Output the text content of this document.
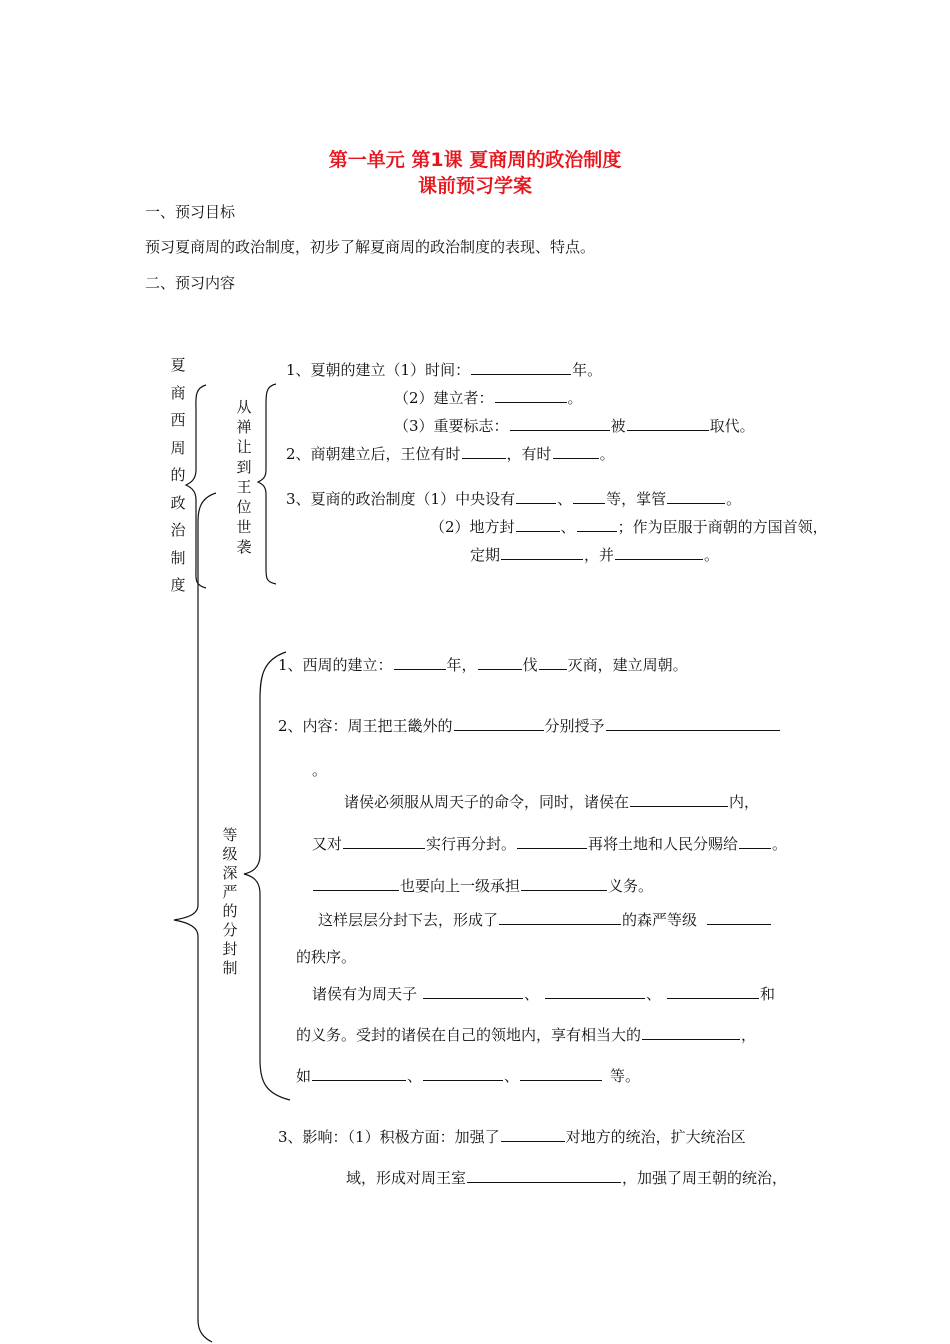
第一单元 第1课 夏商周的政治制度
课前预习学案
一、预习目标
预习夏商周的政治制度，初步了解夏商周的政治制度的表现、特点。
二、预习内容
夏
商
西
周
的
政
治
制
度
从
禅
让
到
王
位
世
袭
1、夏朝的建立（1）时间：	年。
（2）建立者：	。
（3）重要标志：	被	取代。
2、商朝建立后，王位有时	，有时	。
3、夏商的政治制度（1）中央设有	、 等，掌管	。
（2）地方封	、	；作为臣服于商朝的方国首领，
定期	，并	。
等
级
深
严
的
分
封
制
1、西周的建立：	年，	伐 灭商，建立周朝。
2、内容：周王把王畿外的	分别授予
。
诸侯必须服从周天子的命令，同时，诸侯在	内，
又对	实行再分封。	再将土地和人民分赐给 。
也要向上一级承担	义务。
这样层层分封下去，形成了	的森严等级
的秩序。
诸侯有为周天子	、	、	和
的义务。受封的诸侯在自己的领地内，享有相当大的	，
如	、	、	等。
3、影响：（1）积极方面：加强了	对地方的统治，扩大统治区
域，形成对周王室	，加强了周王朝的统治，
